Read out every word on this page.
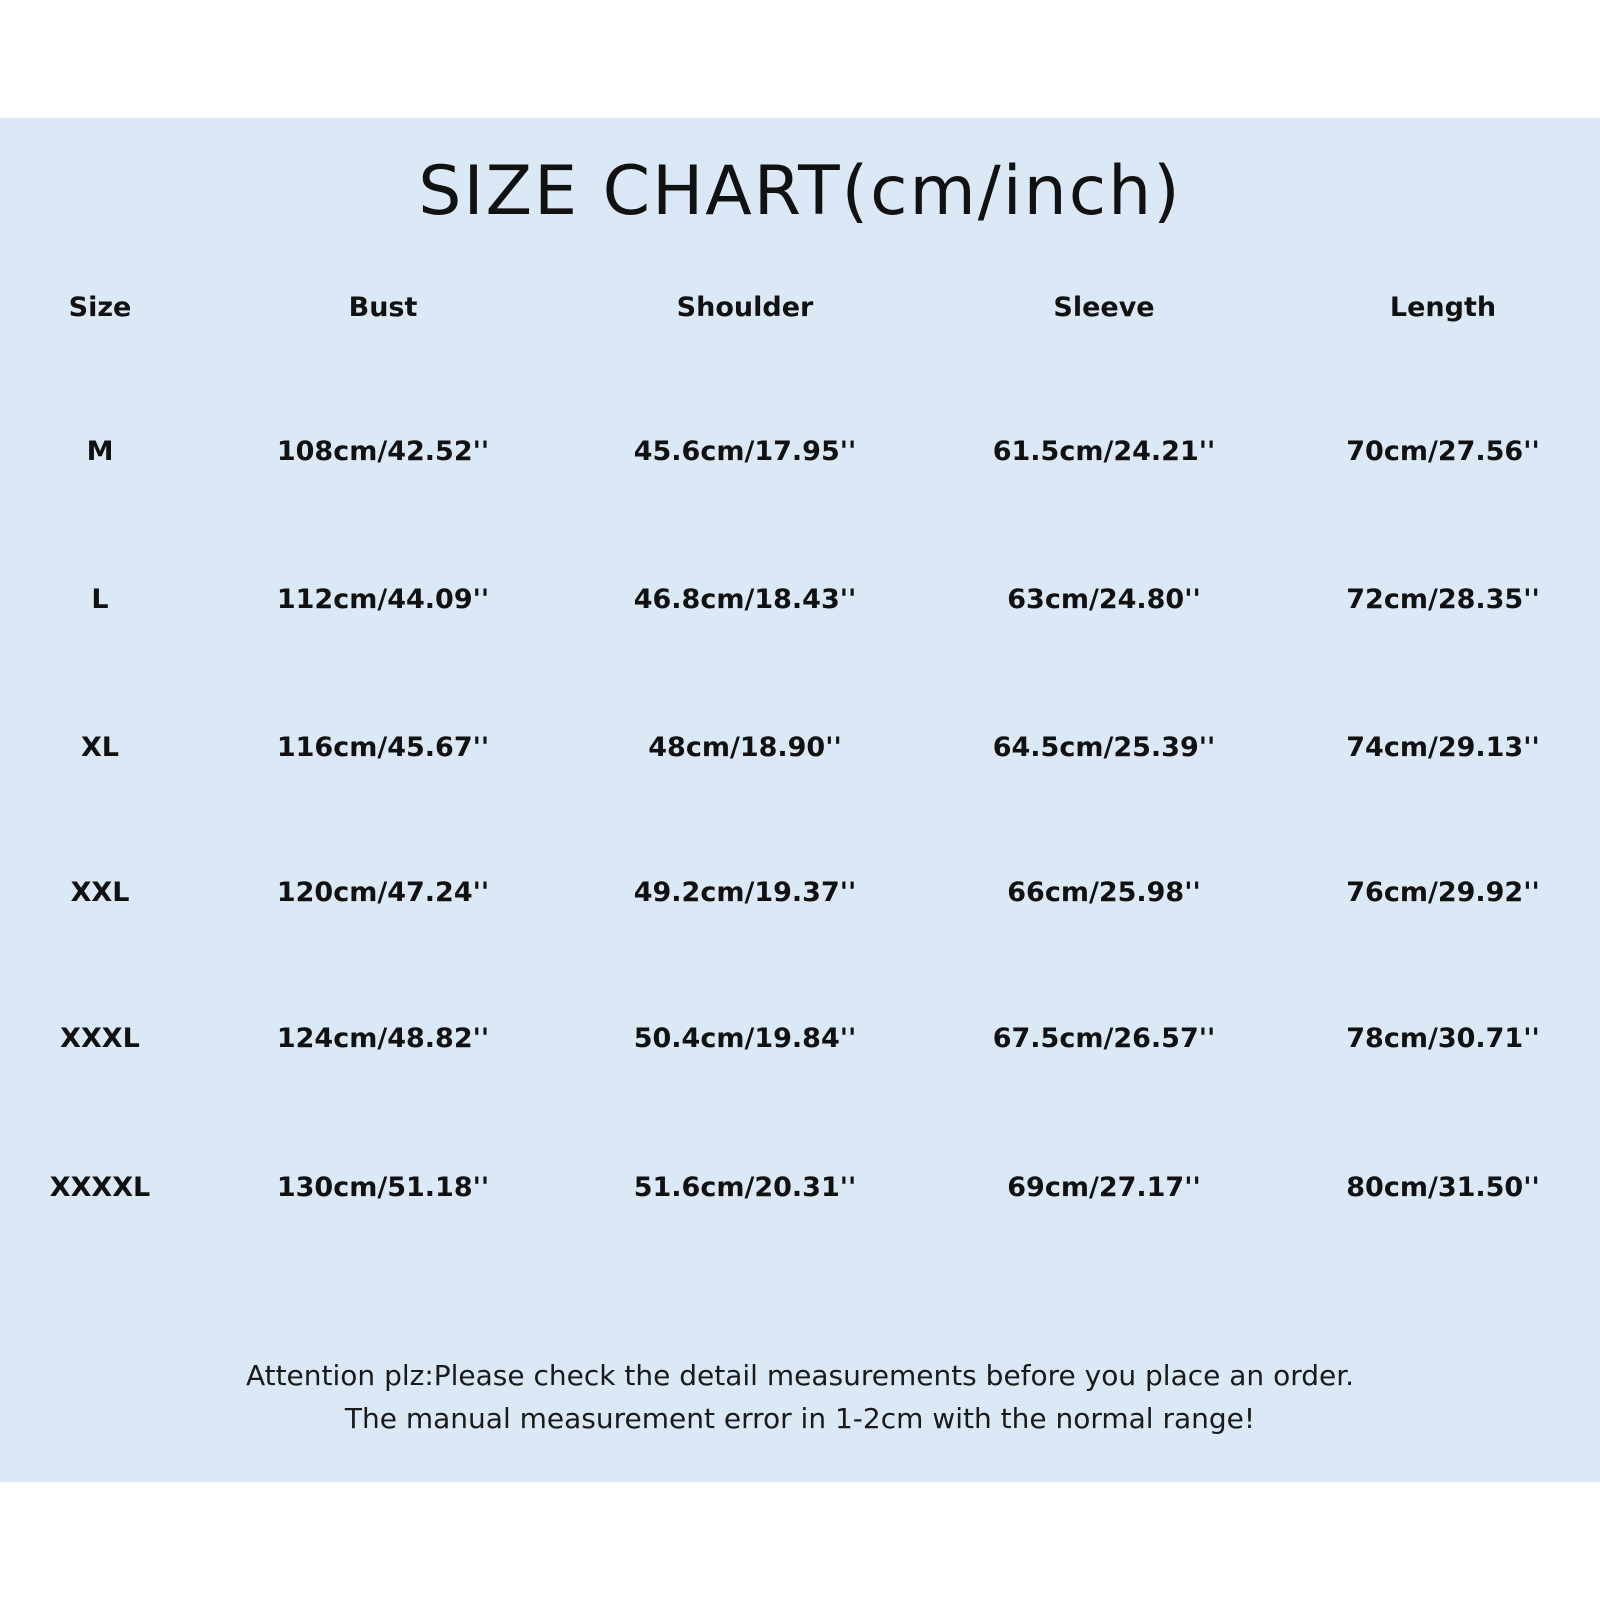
SIZE CHART(cm/inch)
Size	Bust	Shoulder	Sleeve	Length
M	108cm/42.52''	45.6cm/17.95''	61.5cm/24.21''	70cm/27.56''
L	112cm/44.09''	46.8cm/18.43''	63cm/24.80''	72cm/28.35''
XL	116cm/45.67''	48cm/18.90''	64.5cm/25.39''	74cm/29.13''
XXL	120cm/47.24''	49.2cm/19.37''	66cm/25.98''	76cm/29.92''
XXXL	124cm/48.82''	50.4cm/19.84''	67.5cm/26.57''	78cm/30.71''
XXXXL	130cm/51.18''	51.6cm/20.31''	69cm/27.17''	80cm/31.50''
Attention plz:Please check the detail measurements before you place an order.
The manual measurement error in 1-2cm with the normal range!
